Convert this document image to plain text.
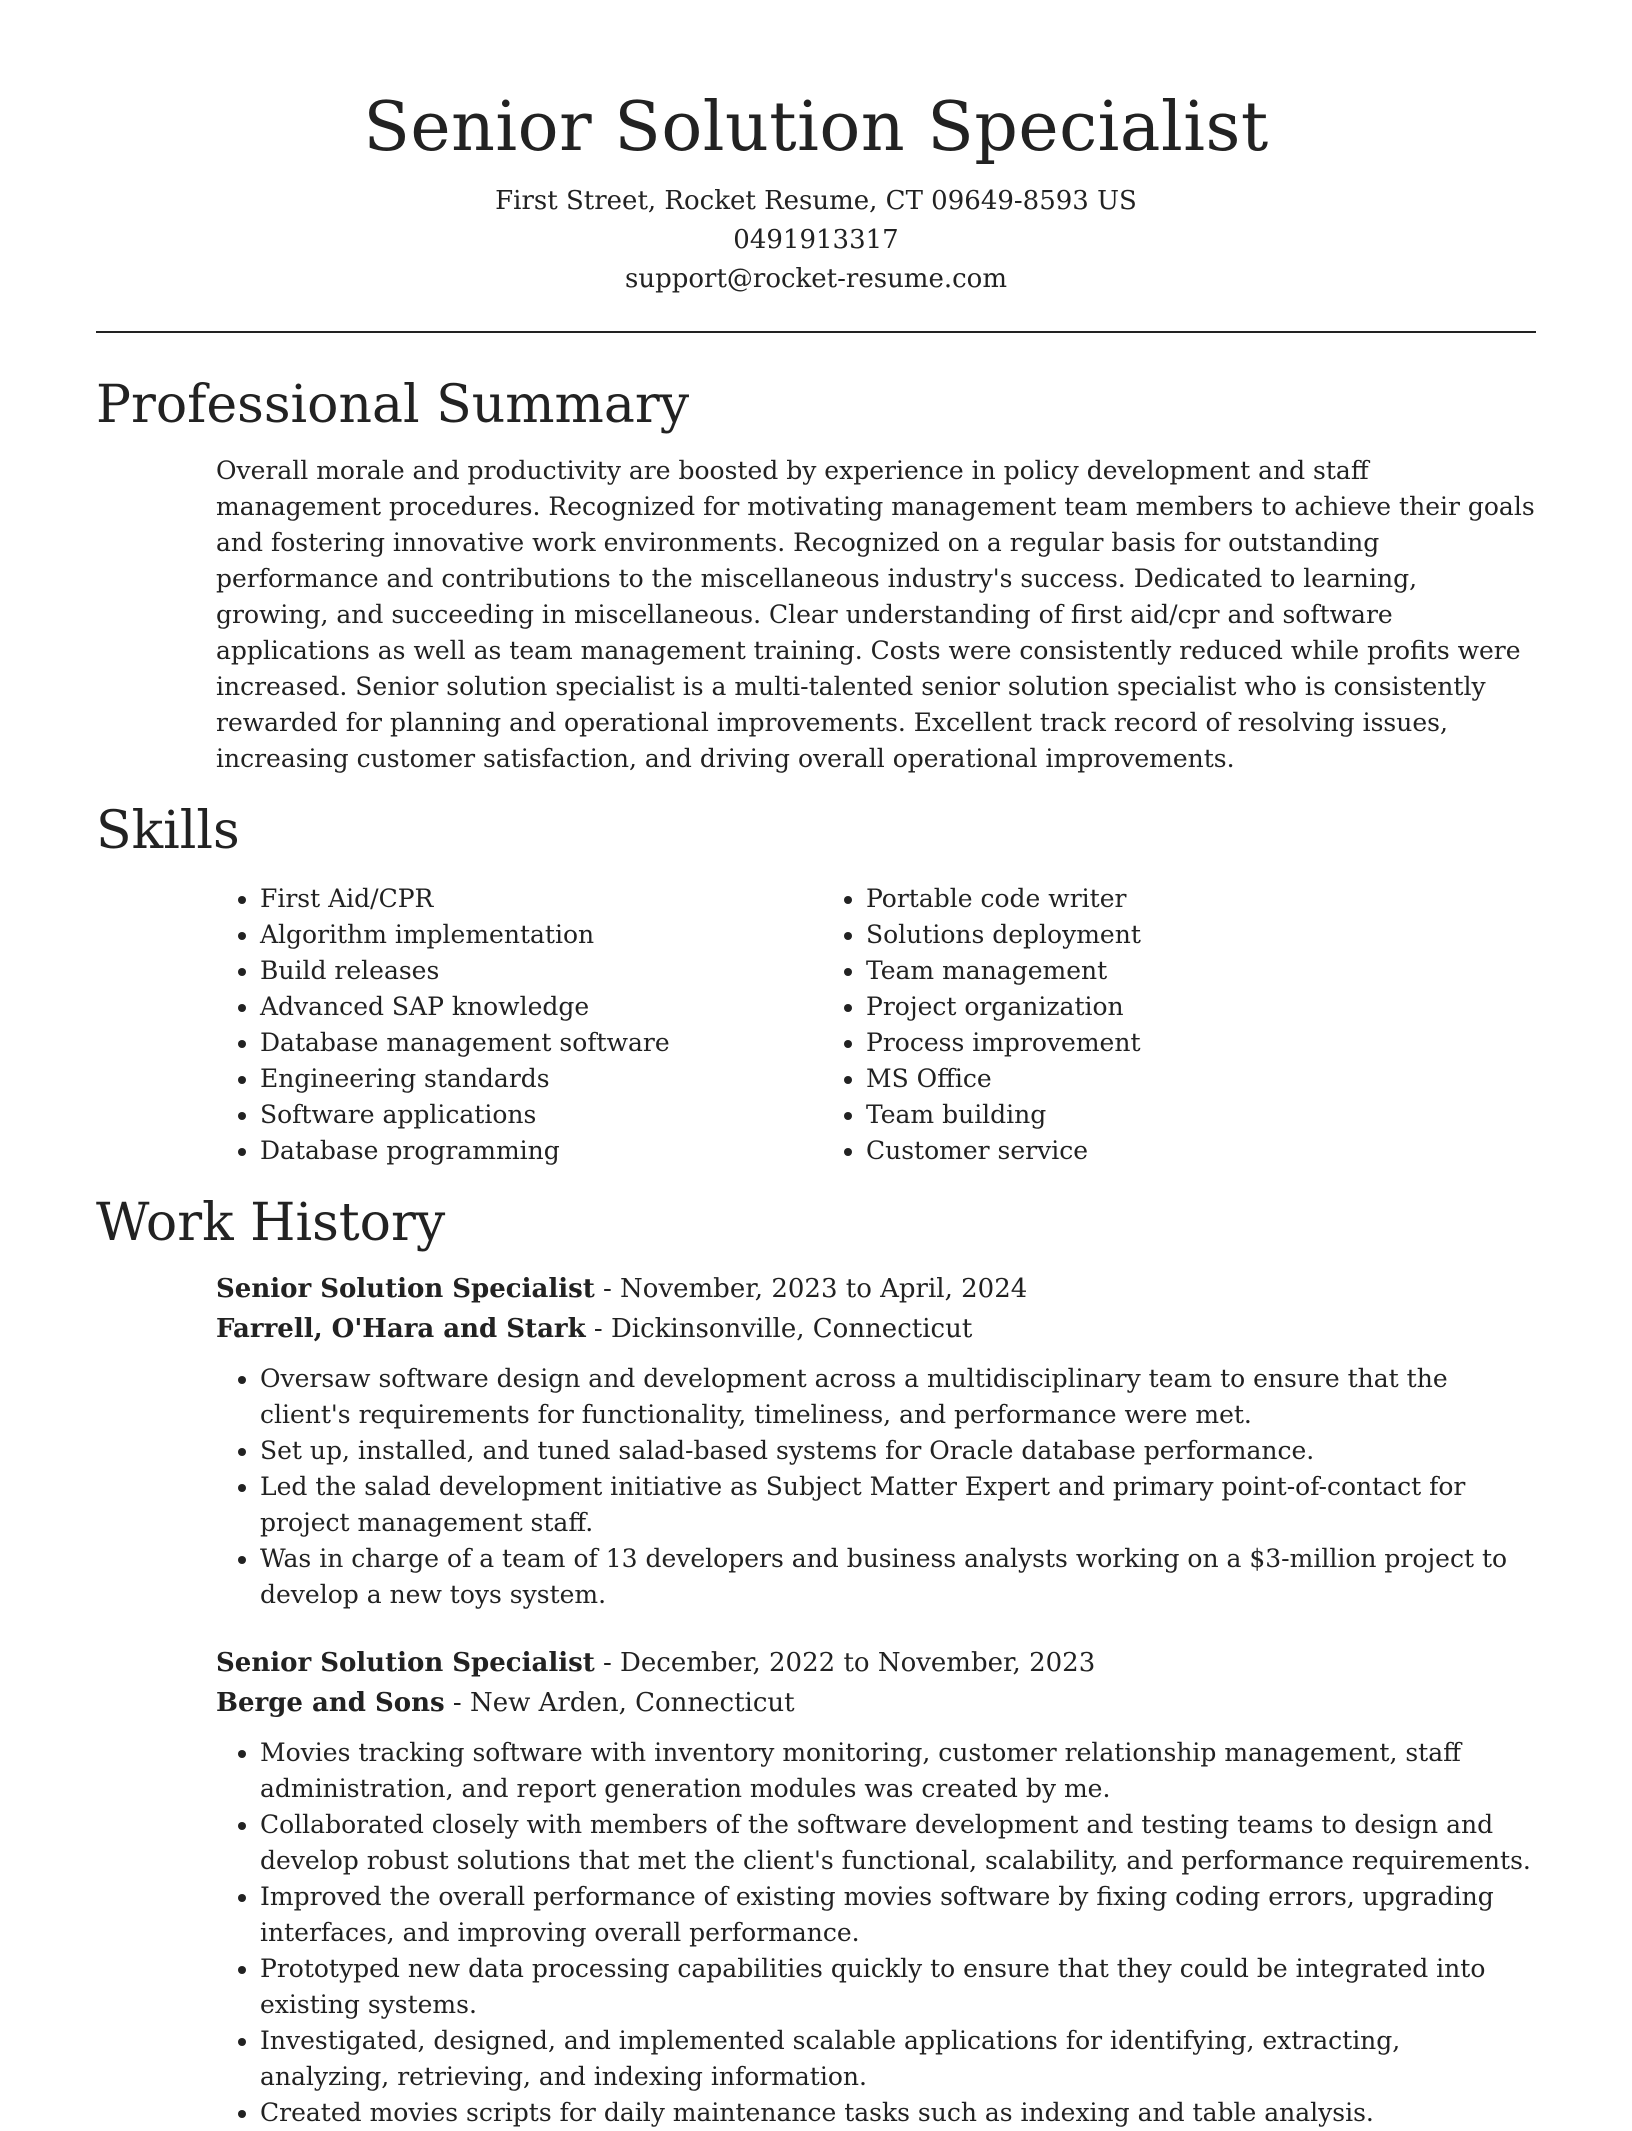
Senior Solution Specialist

First Street, Rocket Resume, CT 09649-8593 US

0491913317

support@rocket-resume.com

Professional Summary

Overall morale and productivity are boosted by experience in policy development and staff management procedures. Recognized for motivating management team members to achieve their goals and fostering innovative work environments. Recognized on a regular basis for outstanding performance and contributions to the miscellaneous industry's success. Dedicated to learning, growing, and succeeding in miscellaneous. Clear understanding of first aid/cpr and software applications as well as team management training. Costs were consistently reduced while profits were increased. Senior solution specialist is a multi-talented senior solution specialist who is consistently rewarded for planning and operational improvements. Excellent track record of resolving issues, increasing customer satisfaction, and driving overall operational improvements.

Skills
• First Aid/CPR
• Algorithm implementation
• Build releases
• Advanced SAP knowledge
• Database management software
• Engineering standards
• Software applications
• Database programming
• Portable code writer
• Solutions deployment
• Team management
• Project organization
• Process improvement
• MS Office
• Team building
• Customer service
Work History

Senior Solution Specialist - November, 2023 to April, 2024

Farrell, O'Hara and Stark - Dickinsonville, Connecticut

• Oversaw software design and development across a multidisciplinary team to ensure that the client's requirements for functionality, timeliness, and performance were met.
• Set up, installed, and tuned salad-based systems for Oracle database performance.
• Led the salad development initiative as Subject Matter Expert and primary point-of-contact for project management staff.
• Was in charge of a team of 13 developers and business analysts working on a $3-million project to develop a new toys system.

Senior Solution Specialist - December, 2022 to November, 2023

Berge and Sons - New Arden, Connecticut

• Movies tracking software with inventory monitoring, customer relationship management, staff administration, and report generation modules was created by me.
• Collaborated closely with members of the software development and testing teams to design and develop robust solutions that met the client's functional, scalability, and performance requirements.
• Improved the overall performance of existing movies software by fixing coding errors, upgrading interfaces, and improving overall performance.
• Prototyped new data processing capabilities quickly to ensure that they could be integrated into existing systems.
• Investigated, designed, and implemented scalable applications for identifying, extracting, analyzing, retrieving, and indexing information.
• Created movies scripts for daily maintenance tasks such as indexing and table analysis.
